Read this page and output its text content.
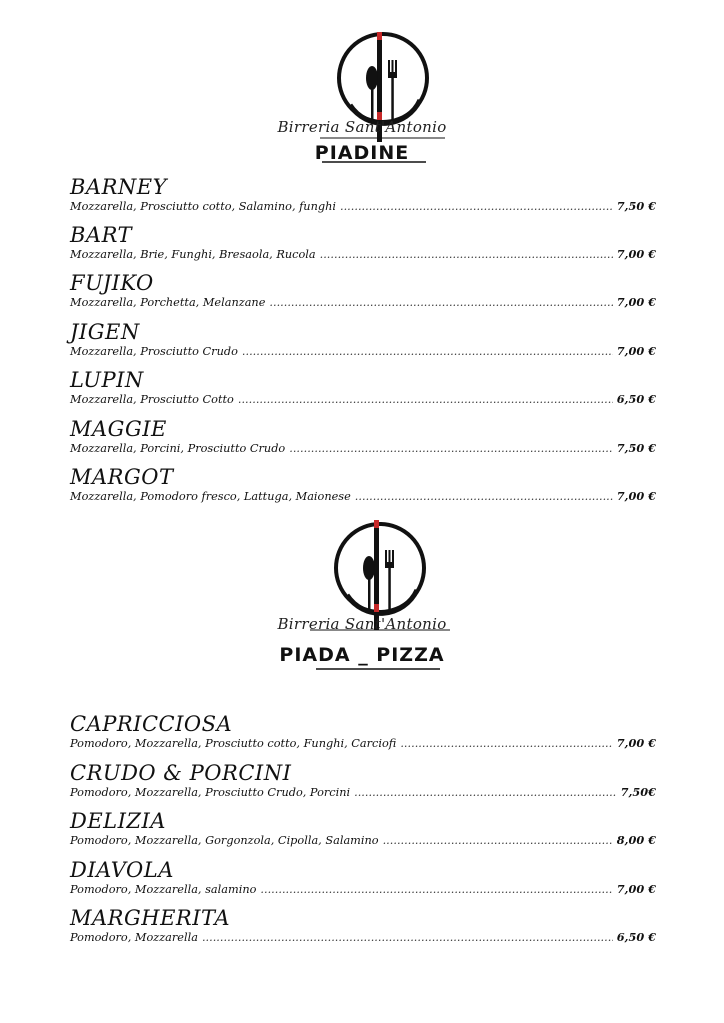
Birreria Sant'Antonio
PIADINE
BARNEY
Mozzarella, Prosciutto cotto, Salamino, funghi .....	7,50 €
BART
Mozzarella, Brie, Funghi, Bresaola, Rucola .....	7,00 €
FUJIKO
Mozzarella, Porchetta, Melanzane .....	7,00 €
JIGEN
Mozzarella, Prosciutto Crudo .....	7,00 €
LUPIN
Mozzarella, Prosciutto Cotto .....	6,50 €
MAGGIE
Mozzarella, Porcini, Prosciutto Crudo .....	7,50 €
MARGOT
Mozzarella, Pomodoro fresco, Lattuga, Maionese .....	7,00 €
Birreria Sant'Antonio
PIADA _ PIZZA
CAPRICCIOSA
Pomodoro, Mozzarella, Prosciutto cotto, Funghi, Carciofi .....	7,00 €
CRUDO & PORCINI
Pomodoro, Mozzarella, Prosciutto Crudo, Porcini .....	7,50€
DELIZIA
Pomodoro, Mozzarella, Gorgonzola, Cipolla, Salamino .....	8,00 €
DIAVOLA
Pomodoro, Mozzarella, salamino .....	7,00 €
MARGHERITA
Pomodoro, Mozzarella .....	6,50 €
